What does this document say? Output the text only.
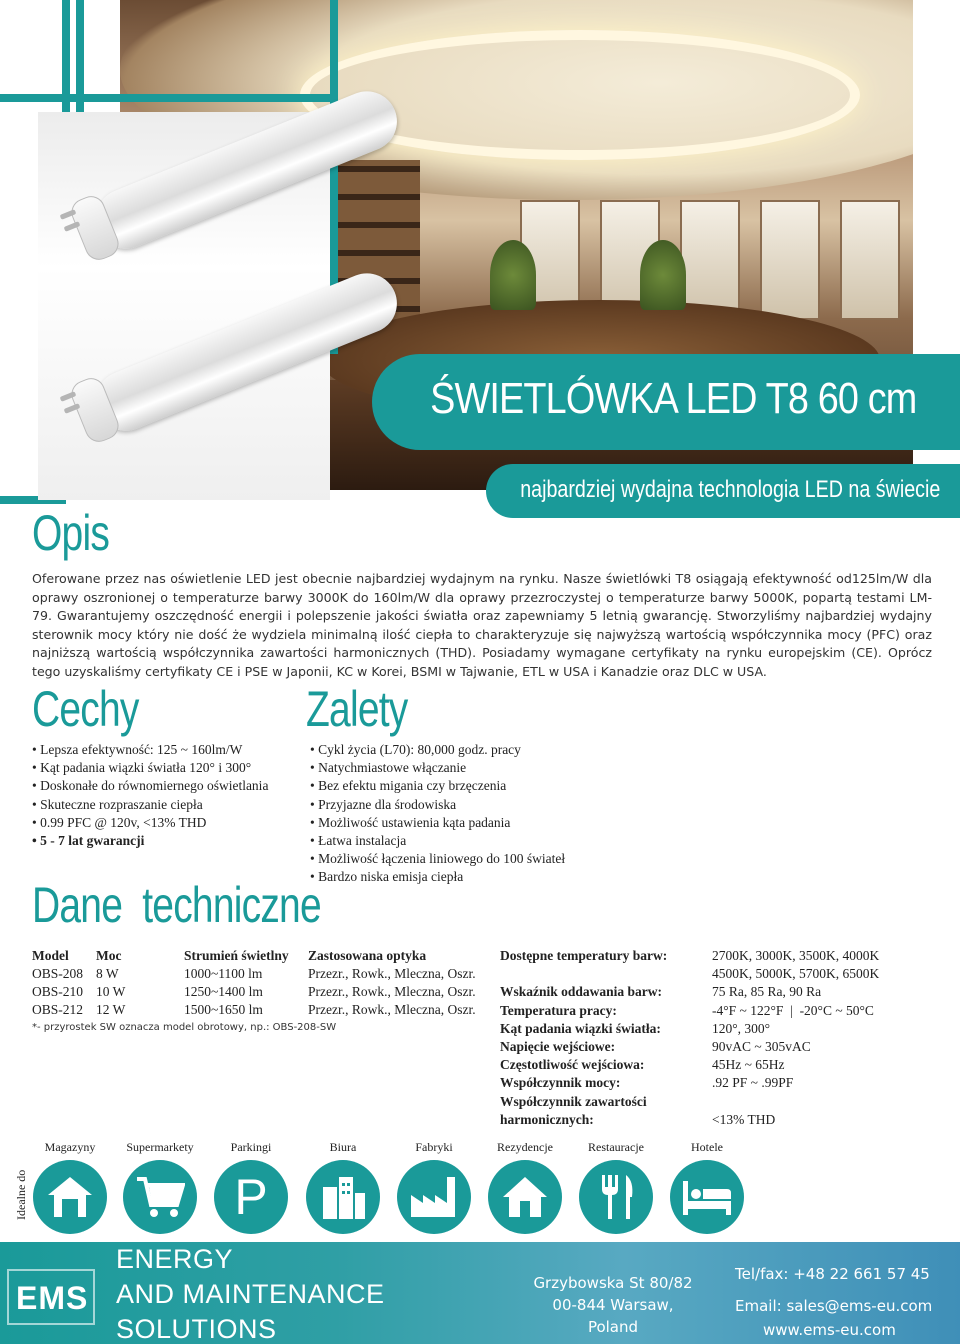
ŚWIETLÓWKA LED T8 60 cm
najbardziej wydajna technologia LED na świecie
Opis

Oferowane przez nas oświetlenie LED jest obecnie najbardziej wydajnym na rynku. Nasze świetlówki T8 osiągają efektywność od125lm/W dla oprawy oszronionej o temperaturze barwy 3000K do 160lm/W dla oprawy przezroczystej o temperaturze barwy 5000K, popartą testami LM-79. Gwarantujemy oszczędność energii i polepszenie jakości światła oraz zapewniamy 5 letnią gwarancję. Stworzyliśmy najbardziej wydajny sterownik mocy który nie dość że wydziela minimalną ilość ciepła to charakteryzuje się najwyższą wartością współczynnika mocy (PFC) oraz najniższą wartością współczynnika zawartości harmonicznych (THD). Posiadamy wymagane certyfikaty na rynku europejskim (CE). Oprócz tego uzyskaliśmy certyfikaty CE i PSE w Japonii, KC w Korei, BSMI w Tajwanie, ETL w USA i Kanadzie oraz DLC w USA.

Cechy
• Lepsza efektywność: 125 ~ 160lm/W
• Kąt padania wiązki światła 120° i 300°
• Doskonałe do równomiernego oświetlania
• Skuteczne rozpraszanie ciepła
• 0.99 PFC @ 120v, <13% THD
• 5 - 7 lat gwarancji
Zalety
• Cykl życia (L70): 80,000 godz. pracy
• Natychmiastowe włączanie
• Bez efektu migania czy brzęczenia
• Przyjazne dla środowiska
• Możliwość ustawienia kąta padania
• Łatwa instalacja
• Możliwość łączenia liniowego do 100 świateł
• Bardzo niska emisja ciepła
Dane  techniczne
Model	Moc	Strumień świetlny	Zastosowana optyka
OBS-208	8 W	1000~1100 lm	Przezr., Rowk., Mleczna, Oszr.
OBS-210	10 W	1250~1400 lm	Przezr., Rowk., Mleczna, Oszr.
OBS-212	12 W	1500~1650 lm	Przezr., Rowk., Mleczna, Oszr.
*- przyrostek SW oznacza model obrotowy, np.: OBS-208-SW
Dostępne temperatury barw:	2700K, 3000K, 3500K, 4000K
4500K, 5000K, 5700K, 6500K
Wskaźnik oddawania barw:	75 Ra, 85 Ra, 90 Ra
Temperatura pracy:	-4°F ~ 122°F  |  -20°C ~ 50°C
Kąt padania wiązki światła:	120°, 300°
Napięcie wejściowe:	90vAC ~ 305vAC
Częstotliwość wejściowa:	45Hz ~ 65Hz
Współczynnik mocy:	.92 PF ~ .99PF
Współczynnik zawartości
harmonicznych:	<13% THD
Idealne do
Magazyny	Supermarkety	Parkingi
P
Biura	Fabryki	Rezydencje	Restauracje	Hotele
EMS
ENERGY
AND MAINTENANCE
SOLUTIONS
Grzybowska St 80/82
00-844 Warsaw, Poland
Tel/fax: +48 22 661 57 45
Email: sales@ems-eu.com
www.ems-eu.com
